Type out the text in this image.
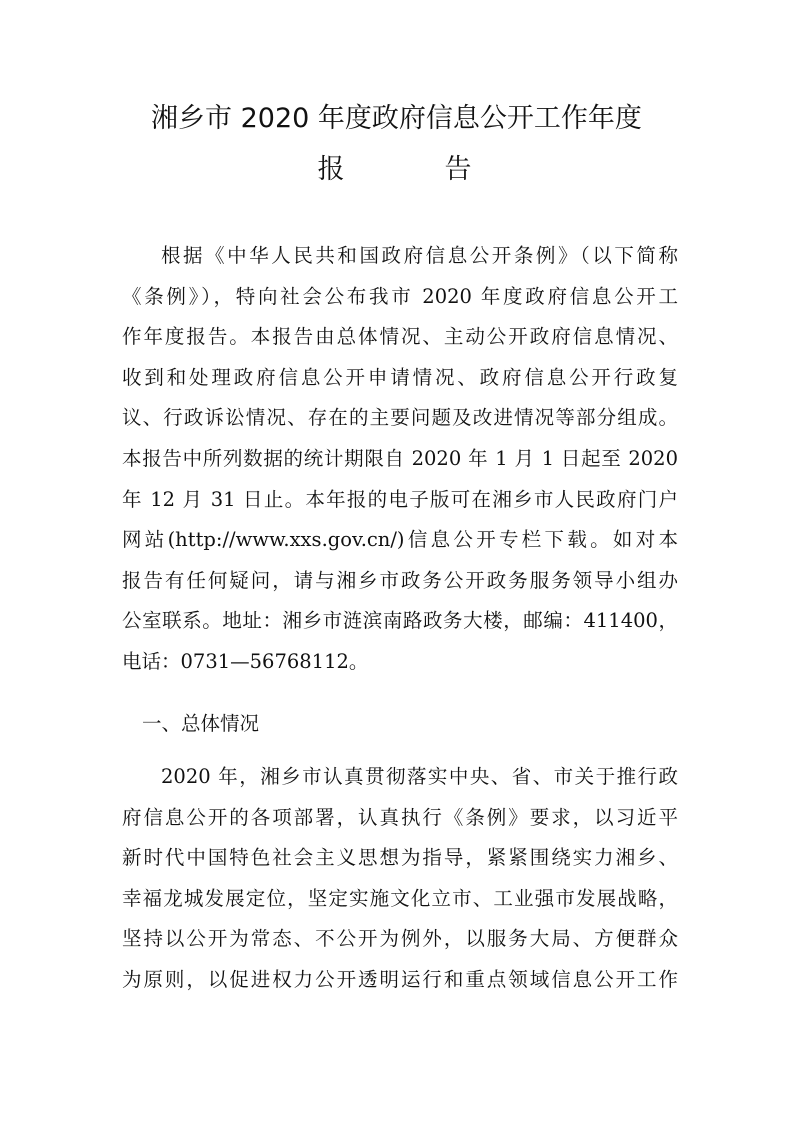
湘乡市 2020 年度政府信息公开工作年度
报	告
根据《中华人民共和国政府信息公开条例》（以下简称
《条例》），特向社会公布我市 2020 年度政府信息公开工
作年度报告。本报告由总体情况、主动公开政府信息情况、
收到和处理政府信息公开申请情况、政府信息公开行政复
议、行政诉讼情况、存在的主要问题及改进情况等部分组成。
本报告中所列数据的统计期限自 2020 年 1 月 1 日起至 2020
年 12 月 31 日止。本年报的电子版可在湘乡市人民政府门户
网站(http://www.xxs.gov.cn/)信息公开专栏下载。如对本
报告有任何疑问，请与湘乡市政务公开政务服务领导小组办
公室联系。地址：湘乡市涟滨南路政务大楼，邮编：411400，
电话：0731—56768112。
一、总体情况
2020 年，湘乡市认真贯彻落实中央、省、市关于推行政
府信息公开的各项部署，认真执行《条例》要求，以习近平
新时代中国特色社会主义思想为指导，紧紧围绕实力湘乡、
幸福龙城发展定位，坚定实施文化立市、工业强市发展战略，
坚持以公开为常态、不公开为例外，以服务大局、方便群众
为原则，以促进权力公开透明运行和重点领域信息公开工作
